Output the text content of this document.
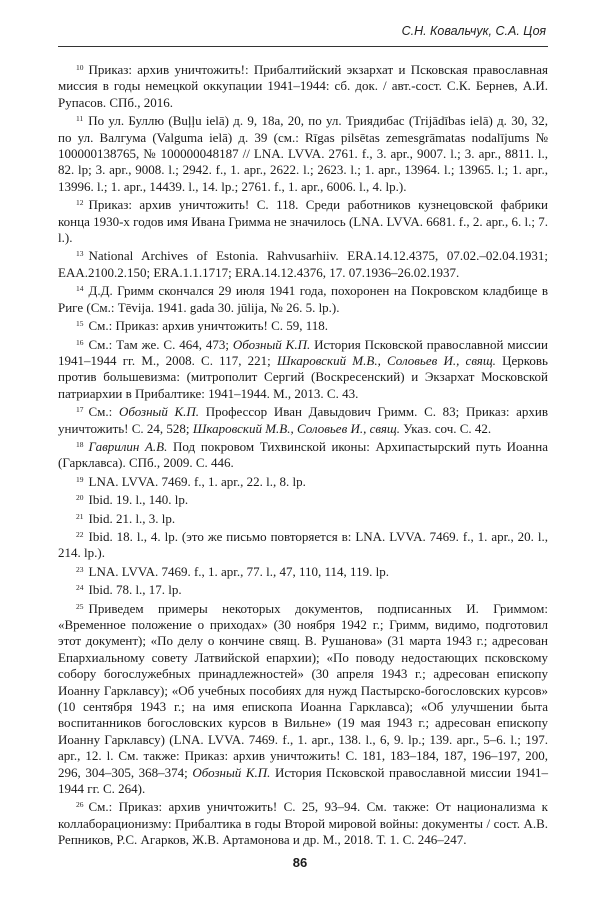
С.Н. Ковальчук, С.А. Цоя

$^{10}$ Приказ: архив уничтожить!: Прибалтийский экзархат и Псковская православная миссия в годы немецкой оккупации 1941–1944: сб. док. / авт.-сост. С.К. Бернев, А.И. Рупасов. СПб., 2016.

$^{11}$ По ул. Буллю (Buļļu ielā) д. 9, 18а, 20, по ул. Триядибас (Trijādības ielā) д. 30, 32, по ул. Валгума (Valguma ielā) д. 39 (см.: Rīgas pilsētas zemesgrāmatas nodalījums № 100000138765, № 100000048187 // LNA. LVVA. 2761. f., 3. apr., 9007. l.; 3. apr., 8811. l., 82. lp; 3. apr., 9008. l.; 2942. f., 1. apr., 2622. l.; 2623. l.; 1. apr., 13964. l.; 13965. l.; 1. apr., 13996. l.; 1. apr., 14439. l., 14. lp.; 2761. f., 1. apr., 6006. l., 4. lp.).

$^{12}$ Приказ: архив уничтожить! С. 118. Среди работников кузнецовской фабрики конца 1930-х годов имя Ивана Гримма не значилось (LNA. LVVA. 6681. f., 2. apr., 6. l.; 7. l.).

$^{13}$ National Archives of Estonia. Rahvusarhiiv. ERA.14.12.4375, 07.02.–02.04.1931; EAA.2100.2.150; ERA.1.1.1717; ERA.14.12.4376, 17. 07.1936–26.02.1937.

$^{14}$ Д.Д. Гримм скончался 29 июля 1941 года, похоронен на Покровском кладбище в Риге (См.: Tēvija. 1941. gada 30. jūlija, № 26. 5. lp.).

$^{15}$ См.: Приказ: архив уничтожить! С. 59, 118.

$^{16}$ См.: Там же. С. 464, 473; Обозный К.П. История Псковской православной миссии 1941–1944 гг. М., 2008. С. 117, 221; Шкаровский М.В., Соловьев И., свящ. Церковь против большевизма: (митрополит Сергий (Воскресенский) и Экзархат Московской патриархии в Прибалтике: 1941–1944. М., 2013. С. 43.

$^{17}$ См.: Обозный К.П. Профессор Иван Давыдович Гримм. С. 83; Приказ: архив уничтожить! С. 24, 528; Шкаровский М.В., Соловьев И., свящ. Указ. соч. С. 42.

$^{18}$ Гаврилин А.В. Под покровом Тихвинской иконы: Архипастырский путь Иоанна (Гарклавса). СПб., 2009. С. 446.

$^{19}$ LNA. LVVA. 7469. f., 1. apr., 22. l., 8. lp.

$^{20}$ Ibid. 19. l., 140. lp.

$^{21}$ Ibid. 21. l., 3. lp.

$^{22}$ Ibid. 18. l., 4. lp. (это же письмо повторяется в: LNA. LVVA. 7469. f., 1. apr., 20. l., 214. lp.).

$^{23}$ LNA. LVVA. 7469. f., 1. apr., 77. l., 47, 110, 114, 119. lp.

$^{24}$ Ibid. 78. l., 17. lp.

$^{25}$ Приведем примеры некоторых документов, подписанных И. Гриммом: «Временное положение о приходах» (30 ноября 1942 г.; Гримм, видимо, подготовил этот документ); «По делу о кончине свящ. В. Рушанова» (31 марта 1943 г.; адресован Епархиальному совету Латвийской епархии); «По поводу недостающих псковскому собору богослужебных принадлежностей» (30 апреля 1943 г.; адресован епископу Иоанну Гарклавсу); «Об учебных пособиях для нужд Пастырско-богословских курсов» (10 сентября 1943 г.; на имя епископа Иоанна Гарклавса); «Об улучшении быта воспитанников богословских курсов в Вильне» (19 мая 1943 г.; адресован епископу Иоанну Гарклавсу) (LNA. LVVA. 7469. f., 1. apr., 138. l., 6, 9. lp.; 139. apr., 5–6. l.; 197. apr., 12. l. См. также: Приказ: архив уничтожить! С. 181, 183–184, 187, 196–197, 200, 296, 304–305, 368–374; Обозный К.П. История Псковской православной миссии 1941–1944 гг. С. 264).

$^{26}$ См.: Приказ: архив уничтожить! С. 25, 93–94. См. также: От национализма к коллаборационизму: Прибалтика в годы Второй мировой войны: документы / сост. А.В. Репников, Р.С. Агарков, Ж.В. Артамонова и др. М., 2018. Т. 1. С. 246–247.

86
